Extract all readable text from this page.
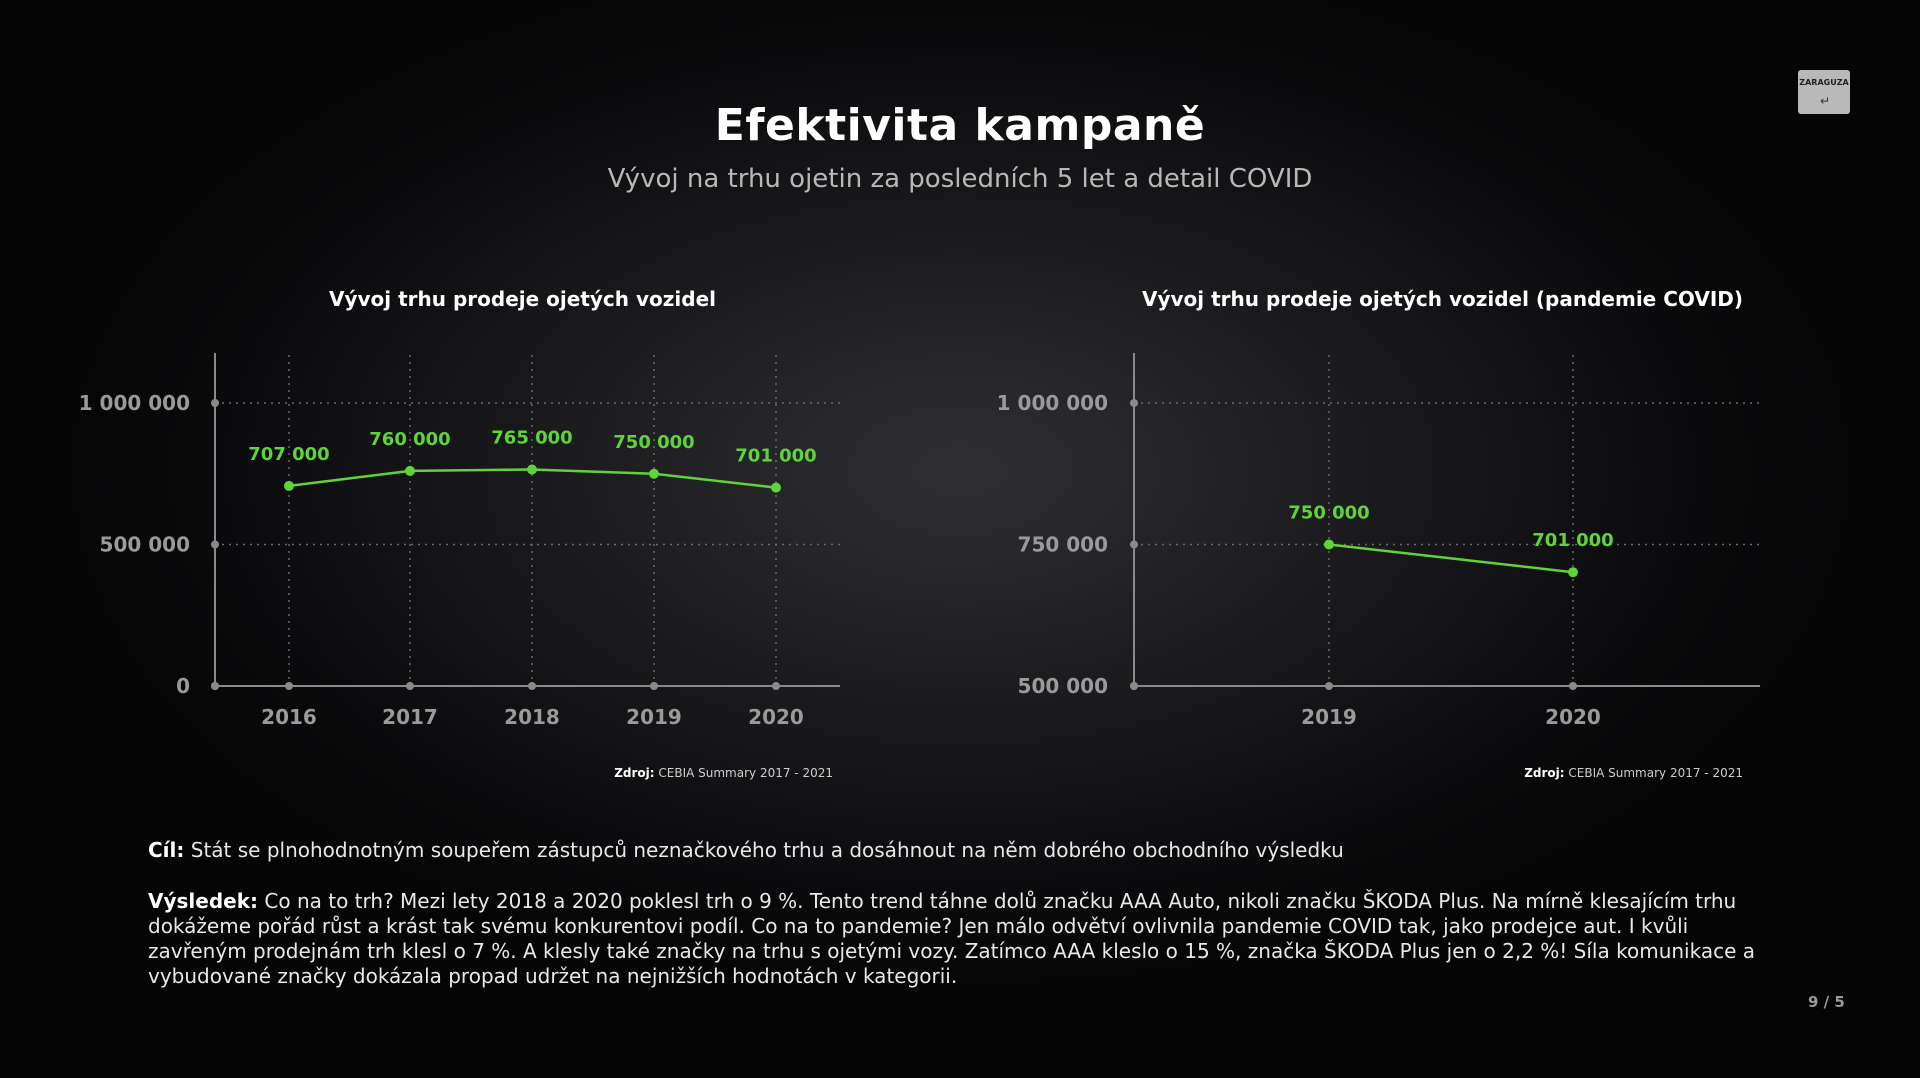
Efektivita kampaně
Vývoj na trhu ojetin za posledních 5 let a detail COVID
ZARAGUZA
↵
Vývoj trhu prodeje ojetých vozidel	Vývoj trhu prodeje ojetých vozidel (pandemie COVID)
0
500 000
1 000 000
2016	2017	2018	2019	2020
707 000
760 000 765 000 750 000
701 000
500 000
750 000
1 000 000
2019	2020
750 000
701 000
Zdroj: CEBIA Summary 2017 - 2021	Zdroj: CEBIA Summary 2017 - 2021
Cíl: Stát se plnohodnotným soupeřem zástupců neznačkového trhu a dosáhnout na něm dobrého obchodního výsledku
Výsledek: Co na to trh? Mezi lety 2018 a 2020 poklesl trh o 9 %. Tento trend táhne dolů značku AAA Auto, nikoli značku ŠKODA Plus. Na mírně klesajícím trhu dokážeme pořád růst a krást tak svému konkurentovi podíl. Co na to pandemie? Jen málo odvětví ovlivnila pandemie COVID tak, jako prodejce aut. I kvůli zavřeným prodejnám trh klesl o 7 %. A klesly také značky na trhu s ojetými vozy. Zatímco AAA kleslo o 15 %, značka ŠKODA Plus jen o 2,2 %! Síla komunikace a vybudované značky dokázala propad udržet na nejnižších hodnotách v kategorii.
9 / 5
